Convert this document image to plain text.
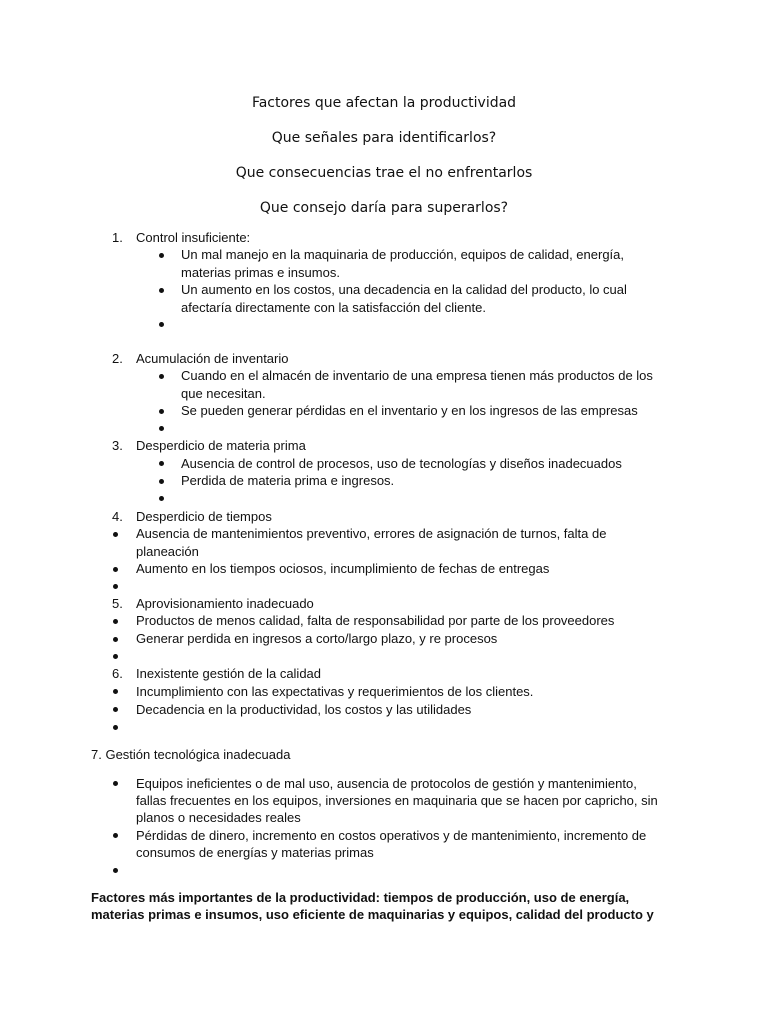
Factores que afectan la productividad
Que señales para identificarlos?
Que consecuencias trae el no enfrentarlos
Que consejo daría para superarlos?
1. Control insuficiente:
Un mal manejo en la maquinaria de producción, equipos de calidad, energía,
materias primas e insumos.
Un aumento en los costos, una decadencia en la calidad del producto, lo cual
afectaría directamente con la satisfacción del cliente.
2. Acumulación de inventario
Cuando en el almacén de inventario de una empresa tienen más productos de los
que necesitan.
Se pueden generar pérdidas en el inventario y en los ingresos de las empresas
3. Desperdicio de materia prima
Ausencia de control de procesos, uso de tecnologías y diseños inadecuados
Perdida de materia prima e ingresos.
4. Desperdicio de tiempos
Ausencia de mantenimientos preventivo, errores de asignación de turnos, falta de
planeación
Aumento en los tiempos ociosos, incumplimiento de fechas de entregas
5. Aprovisionamiento inadecuado
Productos de menos calidad, falta de responsabilidad por parte de los proveedores
Generar perdida en ingresos a corto/largo plazo, y re procesos
6. Inexistente gestión de la calidad
Incumplimiento con las expectativas y requerimientos de los clientes.
Decadencia en la productividad, los costos y las utilidades
7. Gestión tecnológica inadecuada
Equipos ineficientes o de mal uso, ausencia de protocolos de gestión y mantenimiento,
fallas frecuentes en los equipos, inversiones en maquinaria que se hacen por capricho, sin
planos o necesidades reales
Pérdidas de dinero, incremento en costos operativos y de mantenimiento, incremento de
consumos de energías y materias primas
Factores más importantes de la productividad: tiempos de producción, uso de energía,
materias primas e insumos, uso eficiente de maquinarias y equipos, calidad del producto y
